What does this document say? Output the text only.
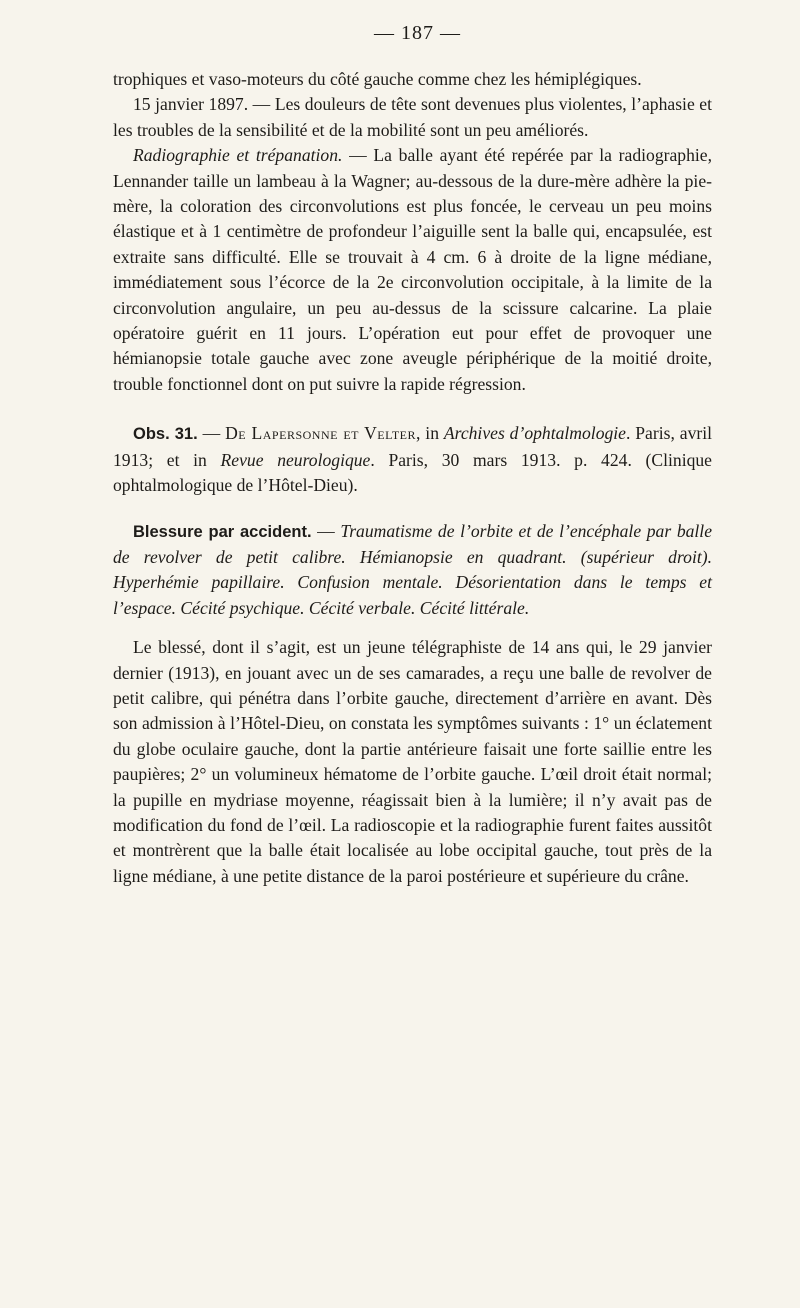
— 187 —

trophiques et vaso-moteurs du côté gauche comme chez les hémiplégiques.

15 janvier 1897. — Les douleurs de tête sont devenues plus violentes, l’aphasie et les troubles de la sensibilité et de la mobilité sont un peu améliorés.

Radiographie et trépanation. — La balle ayant été repérée par la radiographie, Lennander taille un lambeau à la Wagner; au-dessous de la dure-mère adhère la pie-mère, la coloration des circonvolutions est plus foncée, le cerveau un peu moins élastique et à 1 centimètre de profondeur l’aiguille sent la balle qui, encapsulée, est extraite sans difficulté. Elle se trouvait à 4 cm. 6 à droite de la ligne médiane, immédiatement sous l’écorce de la 2e circonvolution occipitale, à la limite de la circonvolution angulaire, un peu au-dessus de la scissure calcarine. La plaie opératoire guérit en 11 jours. L’opération eut pour effet de provoquer une hémianopsie totale gauche avec zone aveugle périphérique de la moitié droite, trouble fonctionnel dont on put suivre la rapide régression.

Obs. 31. — De Lapersonne et Velter, in Archives d’ophtalmologie. Paris, avril 1913; et in Revue neurologique. Paris, 30 mars 1913. p. 424. (Clinique ophtalmologique de l’Hôtel-Dieu).

Blessure par accident. — Traumatisme de l’orbite et de l’encéphale par balle de revolver de petit calibre. Hémianopsie en quadrant. (supérieur droit). Hyperhémie papillaire. Confusion mentale. Désorientation dans le temps et l’espace. Cécité psychique. Cécité verbale. Cécité littérale.

Le blessé, dont il s’agit, est un jeune télégraphiste de 14 ans qui, le 29 janvier dernier (1913), en jouant avec un de ses camarades, a reçu une balle de revolver de petit calibre, qui pénétra dans l’orbite gauche, directement d’arrière en avant. Dès son admission à l’Hôtel-Dieu, on constata les symptômes suivants : 1° un éclatement du globe oculaire gauche, dont la partie antérieure faisait une forte saillie entre les paupières; 2° un volumineux hématome de l’orbite gauche. L’œil droit était normal; la pupille en mydriase moyenne, réagissait bien à la lumière; il n’y avait pas de modification du fond de l’œil. La radioscopie et la radiographie furent faites aussitôt et montrèrent que la balle était localisée au lobe occipital gauche, tout près de la ligne médiane, à une petite distance de la paroi postérieure et supérieure du crâne.
